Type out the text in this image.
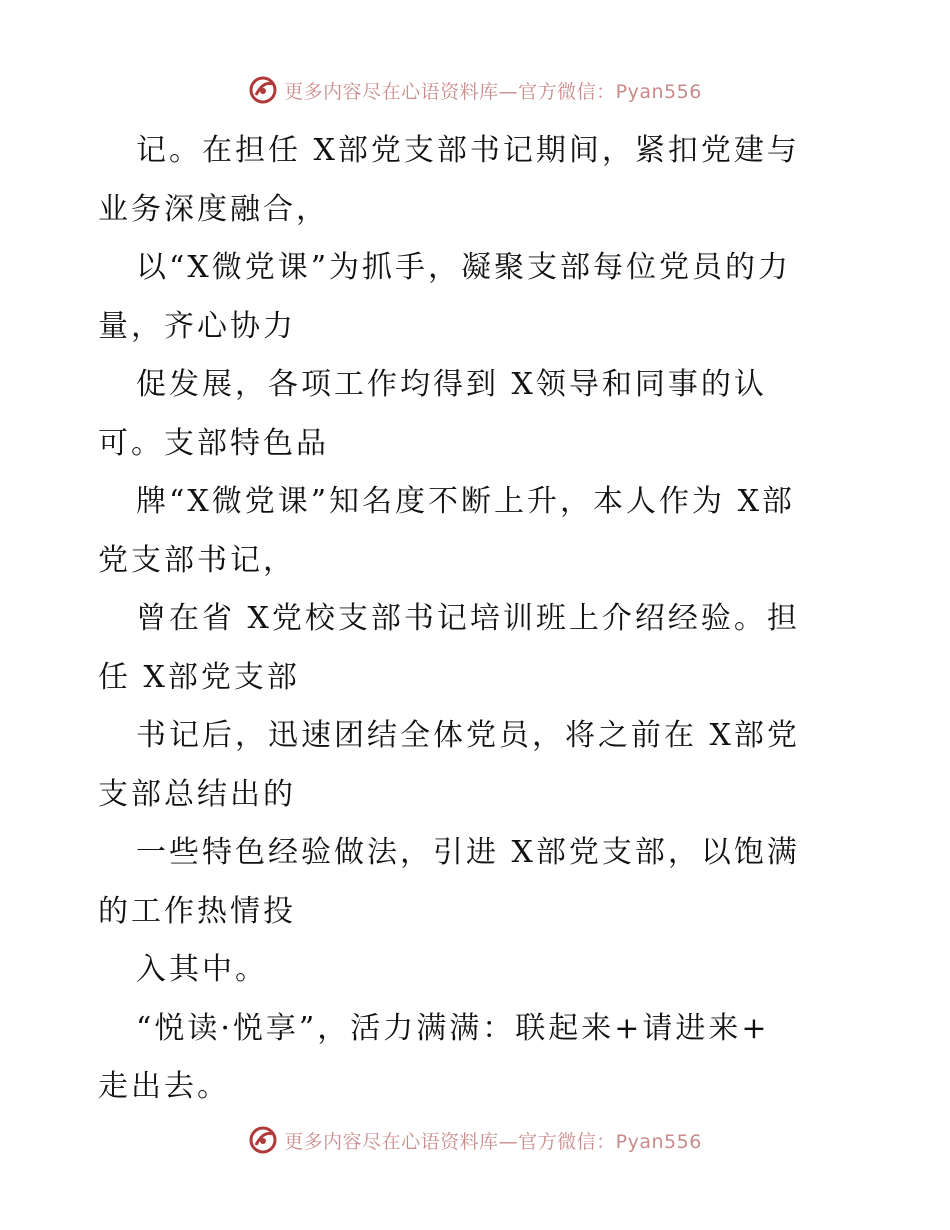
更多内容尽在心语资料库—官方微信：Pyan556
记。在担任 X部党支部书记期间，紧扣党建与
业务深度融合，
以“X微党课”为抓手，凝聚支部每位党员的力
量，齐心协力
促发展，各项工作均得到 X领导和同事的认
可。支部特色品
牌“X微党课”知名度不断上升，本人作为 X部
党支部书记，
曾在省 X党校支部书记培训班上介绍经验。担
任 X部党支部
书记后，迅速团结全体党员，将之前在 X部党
支部总结出的
一些特色经验做法，引进 X部党支部，以饱满
的工作热情投
入其中。
“悦读·悦享”，活力满满：联起来+请进来+
走出去。
更多内容尽在心语资料库—官方微信：Pyan556
